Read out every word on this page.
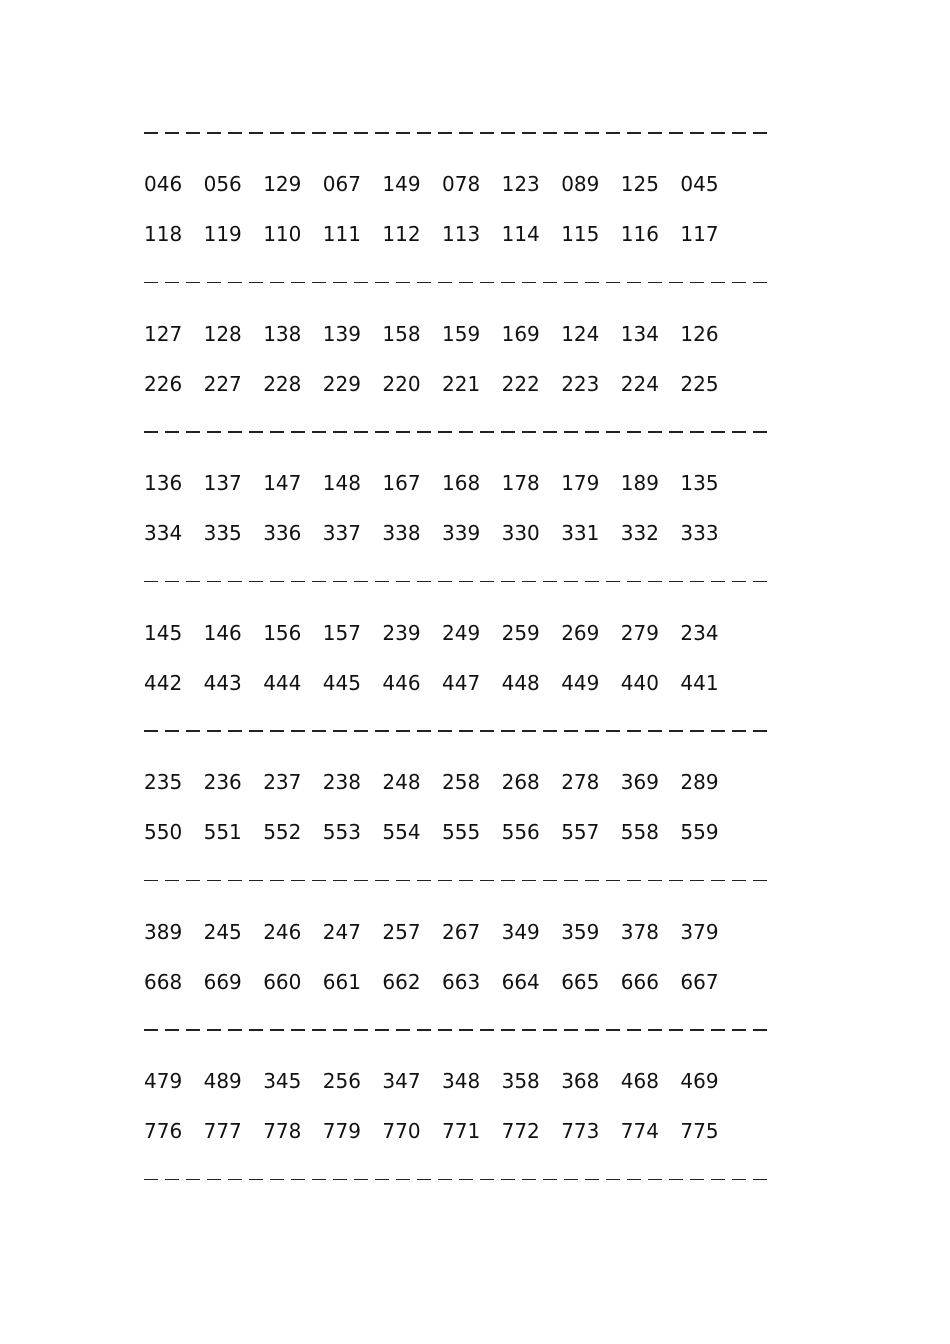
046	056	129	067	149	078	123	089	125	045
118	119	110	111	112	113	114	115	116	117
127	128	138	139	158	159	169	124	134	126
226	227	228	229	220	221	222	223	224	225
136	137	147	148	167	168	178	179	189	135
334	335	336	337	338	339	330	331	332	333
145	146	156	157	239	249	259	269	279	234
442	443	444	445	446	447	448	449	440	441
235	236	237	238	248	258	268	278	369	289
550	551	552	553	554	555	556	557	558	559
389	245	246	247	257	267	349	359	378	379
668	669	660	661	662	663	664	665	666	667
479	489	345	256	347	348	358	368	468	469
776	777	778	779	770	771	772	773	774	775
